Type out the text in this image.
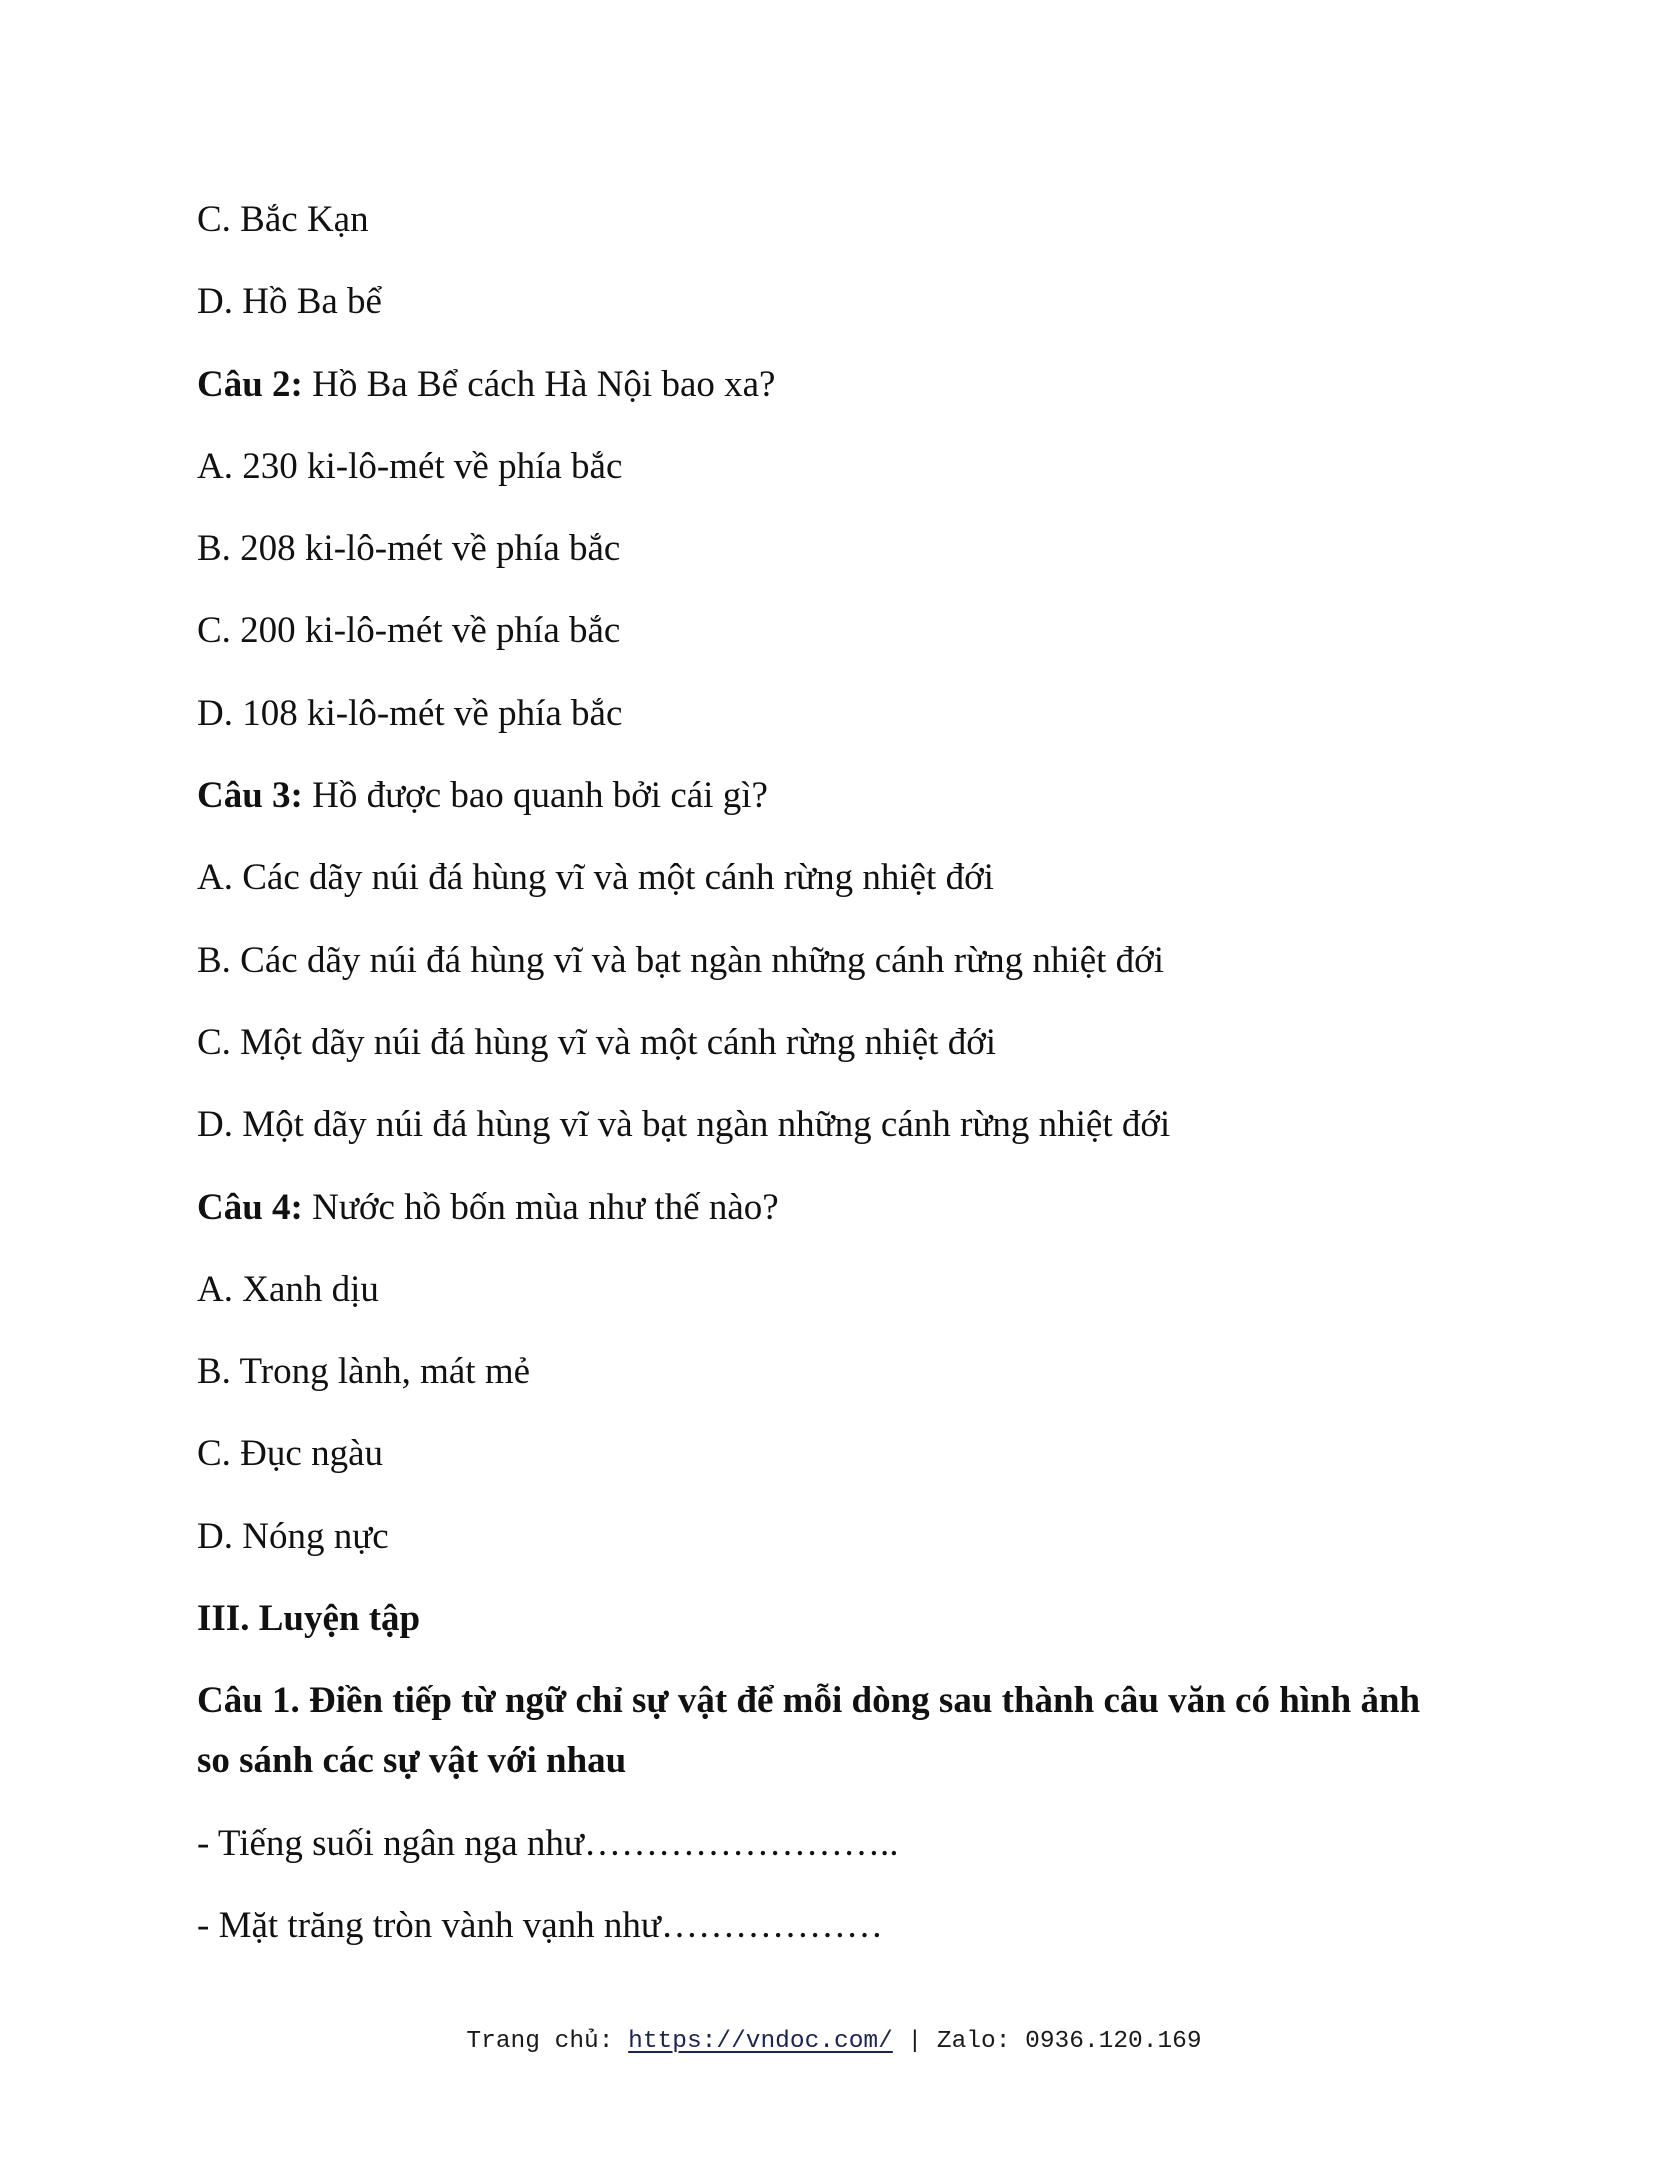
C. Bắc Kạn

D. Hồ Ba bể

Câu 2: Hồ Ba Bể cách Hà Nội bao xa?

A. 230 ki-lô-mét về phía bắc

B. 208 ki-lô-mét về phía bắc

C. 200 ki-lô-mét về phía bắc

D. 108 ki-lô-mét về phía bắc

Câu 3: Hồ được bao quanh bởi cái gì?

A. Các dãy núi đá hùng vĩ và một cánh rừng nhiệt đới

B. Các dãy núi đá hùng vĩ và bạt ngàn những cánh rừng nhiệt đới

C. Một dãy núi đá hùng vĩ và một cánh rừng nhiệt đới

D. Một dãy núi đá hùng vĩ và bạt ngàn những cánh rừng nhiệt đới

Câu 4: Nước hồ bốn mùa như thế nào?

A. Xanh dịu

B. Trong lành, mát mẻ

C. Đục ngàu

D. Nóng nực

III. Luyện tập

Câu 1. Điền tiếp từ ngữ chỉ sự vật để mỗi dòng sau thành câu văn có hình ảnh
so sánh các sự vật với nhau

- Tiếng suối ngân nga như……………………..

- Mặt trăng tròn vành vạnh như………………

Trang chủ: https://vndoc.com/ | Zalo: 0936.120.169
